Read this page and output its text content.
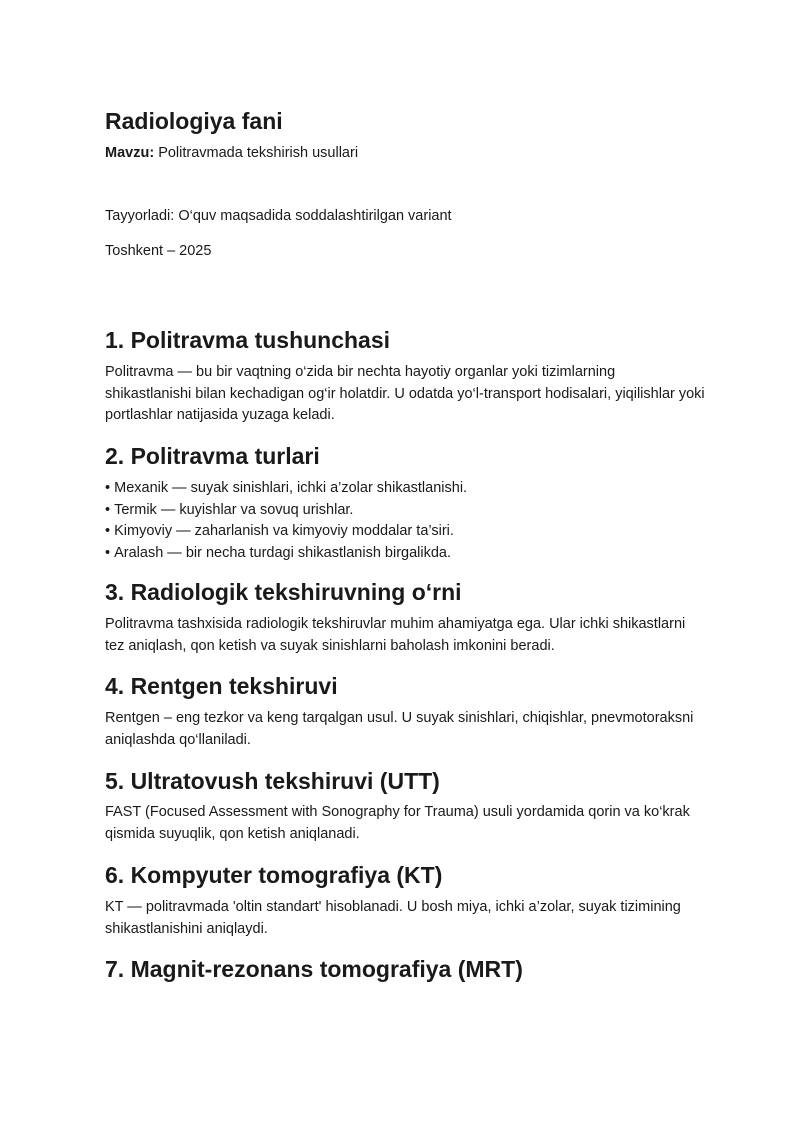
Radiologiya fani

Mavzu: Politravmada tekshirish usullari

Tayyorladi: O‘quv maqsadida soddalashtirilgan variant

Toshkent – 2025

1. Politravma tushunchasi

Politravma — bu bir vaqtning o‘zida bir nechta hayotiy organlar yoki tizimlarning shikastlanishi bilan kechadigan og‘ir holatdir. U odatda yo‘l-transport hodisalari, yiqilishlar yoki portlashlar natijasida yuzaga keladi.

2. Politravma turlari
• Mexanik — suyak sinishlari, ichki a’zolar shikastlanishi.
• Termik — kuyishlar va sovuq urishlar.
• Kimyoviy — zaharlanish va kimyoviy moddalar ta’siri.
• Aralash — bir necha turdagi shikastlanish birgalikda.
3. Radiologik tekshiruvning o‘rni

Politravma tashxisida radiologik tekshiruvlar muhim ahamiyatga ega. Ular ichki shikastlarni tez aniqlash, qon ketish va suyak sinishlarni baholash imkonini beradi.

4. Rentgen tekshiruvi

Rentgen – eng tezkor va keng tarqalgan usul. U suyak sinishlari, chiqishlar, pnevmotoraksni aniqlashda qo‘llaniladi.

5. Ultratovush tekshiruvi (UTT)

FAST (Focused Assessment with Sonography for Trauma) usuli yordamida qorin va ko‘krak qismida suyuqlik, qon ketish aniqlanadi.

6. Kompyuter tomografiya (KT)

KT — politravmada 'oltin standart' hisoblanadi. U bosh miya, ichki a’zolar, suyak tizimining shikastlanishini aniqlaydi.

7. Magnit-rezonans tomografiya (MRT)
